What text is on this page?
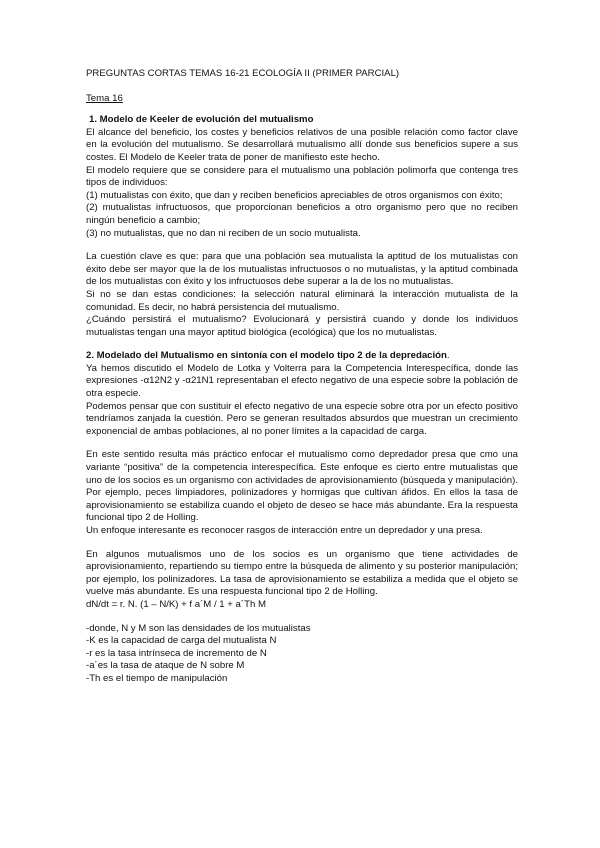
PREGUNTAS CORTAS TEMAS 16-21 ECOLOGÍA II (PRIMER PARCIAL)

Tema 16

1. Modelo de Keeler de evolución del mutualismo

El alcance del beneficio, los costes y beneficios relativos de una posible relación como factor clave en la evolución del mutualismo. Se desarrollará mutualismo allí donde sus beneficios supere a sus costes. El Modelo de Keeler trata de poner de manifiesto este hecho.

El modelo requiere que se considere para el mutualismo una población polimorfa que contenga tres tipos de individuos:

(1) mutualistas con éxito, que dan y reciben beneficios apreciables de otros organismos con éxito;

(2) mutualistas infructuosos, que proporcionan beneficios a otro organismo pero que no reciben ningún beneficio a cambio;

(3) no mutualistas, que no dan ni reciben de un socio mutualista.

La cuestión clave es que: para que una población sea mutualista la aptitud de los mutualistas con éxito debe ser mayor que la de los mutualistas infructuosos o no mutualistas, y la aptitud combinada de los mutualistas con éxito y los infructuosos debe superar a la de los no mutualistas.

Si no se dan estas condiciones: la selección natural eliminará la interacción mutualista de la comunidad. Es decir, no habrá persistencia del mutualismo.

¿Cuándo persistirá el mutualismo? Evolucionará y persistirá cuando y donde los individuos mutualistas tengan una mayor aptitud biológica (ecológica) que los no mutualistas.

2. Modelado del Mutualismo en sintonía con el modelo tipo 2 de la depredación.

Ya hemos discutido el Modelo de Lotka y Volterra para la Competencia Interespecífica, donde las expresiones -α12N2 y -α21N1 representaban el efecto negativo de una especie sobre la población de otra especie.

Podemos pensar que con sustituir el efecto negativo de una especie sobre otra por un efecto positivo tendríamos zanjada la cuestión. Pero se generan resultados absurdos que muestran un crecimiento exponencial de ambas poblaciones, al no poner límites a la capacidad de carga.

En este sentido resulta más práctico enfocar el mutualismo como depredador presa que cmo una variante “positiva” de la competencia interespecífica. Este enfoque es cierto entre mutualistas que uno de los socios es un organismo con actividades de aprovisionamiento (búsqueda y manipulación). Por ejemplo, peces limpiadores, polinizadores y hormigas que cultivan áfidos. En ellos la tasa de aprovisionamiento se estabiliza cuando el objeto de deseo se hace más abundante. Era la respuesta funcional tipo 2 de Holling.

Un enfoque interesante es reconocer rasgos de interacción entre un depredador y una presa.

En algunos mutualismos uno de los socios es un organismo que tiene actividades de aprovisionamiento, repartiendo su tiempo entre la búsqueda de alimento y su posterior manipulación; por ejemplo, los polinizadores. La tasa de aprovisionamiento se estabiliza a medida que el objeto se vuelve más abundante. Es una respuesta funcional tipo 2 de Holling.

dN/dt = r. N. (1 – N/K) + f a´M / 1 + a´Th M

-donde, N y M son las densidades de los mutualistas

-K es la capacidad de carga del mutualista N

-r es la tasa intrínseca de incremento de N

-a´es la tasa de ataque de N sobre M

-Th es el tiempo de manipulación
